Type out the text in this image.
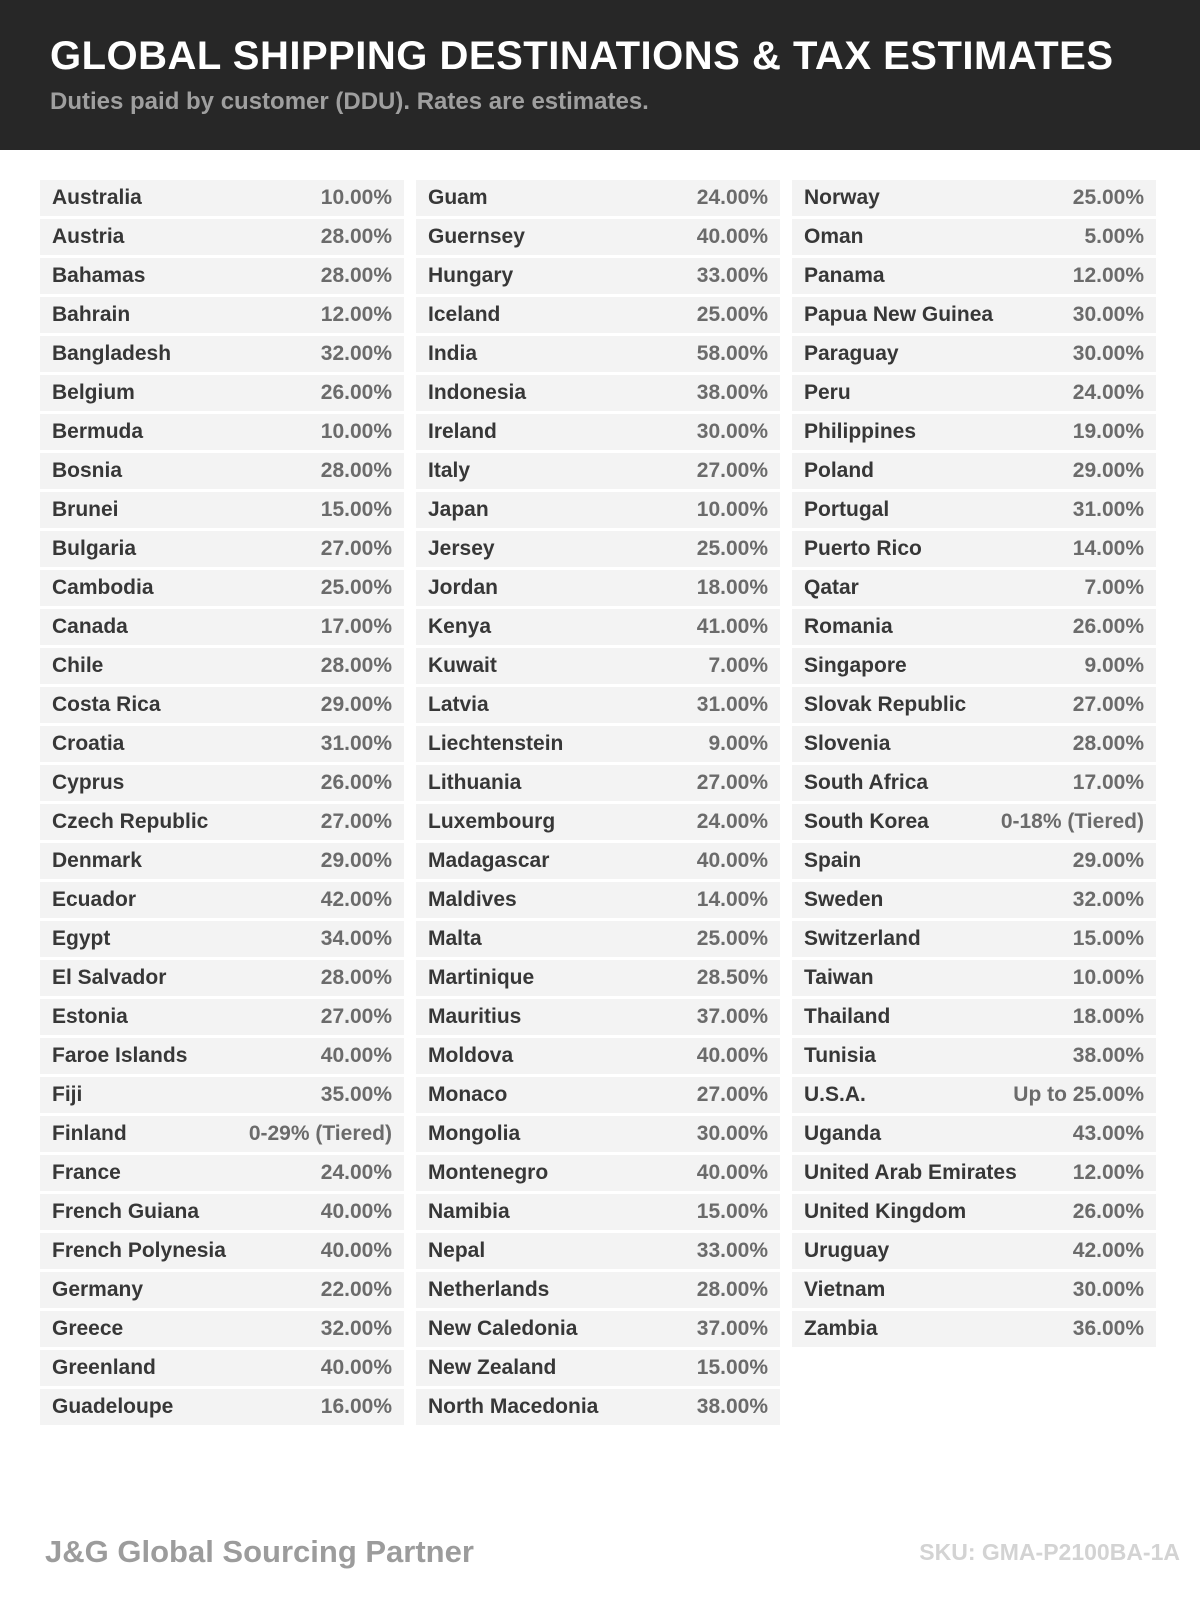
GLOBAL SHIPPING DESTINATIONS & TAX ESTIMATES
Duties paid by customer (DDU). Rates are estimates.
Australia	10.00%
Austria	28.00%
Bahamas	28.00%
Bahrain	12.00%
Bangladesh	32.00%
Belgium	26.00%
Bermuda	10.00%
Bosnia	28.00%
Brunei	15.00%
Bulgaria	27.00%
Cambodia	25.00%
Canada	17.00%
Chile	28.00%
Costa Rica	29.00%
Croatia	31.00%
Cyprus	26.00%
Czech Republic	27.00%
Denmark	29.00%
Ecuador	42.00%
Egypt	34.00%
El Salvador	28.00%
Estonia	27.00%
Faroe Islands	40.00%
Fiji	35.00%
Finland	0-29% (Tiered)
France	24.00%
French Guiana	40.00%
French Polynesia	40.00%
Germany	22.00%
Greece	32.00%
Greenland	40.00%
Guadeloupe	16.00%
Guam	24.00%
Guernsey	40.00%
Hungary	33.00%
Iceland	25.00%
India	58.00%
Indonesia	38.00%
Ireland	30.00%
Italy	27.00%
Japan	10.00%
Jersey	25.00%
Jordan	18.00%
Kenya	41.00%
Kuwait	7.00%
Latvia	31.00%
Liechtenstein	9.00%
Lithuania	27.00%
Luxembourg	24.00%
Madagascar	40.00%
Maldives	14.00%
Malta	25.00%
Martinique	28.50%
Mauritius	37.00%
Moldova	40.00%
Monaco	27.00%
Mongolia	30.00%
Montenegro	40.00%
Namibia	15.00%
Nepal	33.00%
Netherlands	28.00%
New Caledonia	37.00%
New Zealand	15.00%
North Macedonia	38.00%
Norway	25.00%
Oman	5.00%
Panama	12.00%
Papua New Guinea	30.00%
Paraguay	30.00%
Peru	24.00%
Philippines	19.00%
Poland	29.00%
Portugal	31.00%
Puerto Rico	14.00%
Qatar	7.00%
Romania	26.00%
Singapore	9.00%
Slovak Republic	27.00%
Slovenia	28.00%
South Africa	17.00%
South Korea	0-18% (Tiered)
Spain	29.00%
Sweden	32.00%
Switzerland	15.00%
Taiwan	10.00%
Thailand	18.00%
Tunisia	38.00%
U.S.A.	Up to 25.00%
Uganda	43.00%
United Arab Emirates	12.00%
United Kingdom	26.00%
Uruguay	42.00%
Vietnam	30.00%
Zambia	36.00%
J&G Global Sourcing Partner	SKU: GMA-P2100BA-1A
